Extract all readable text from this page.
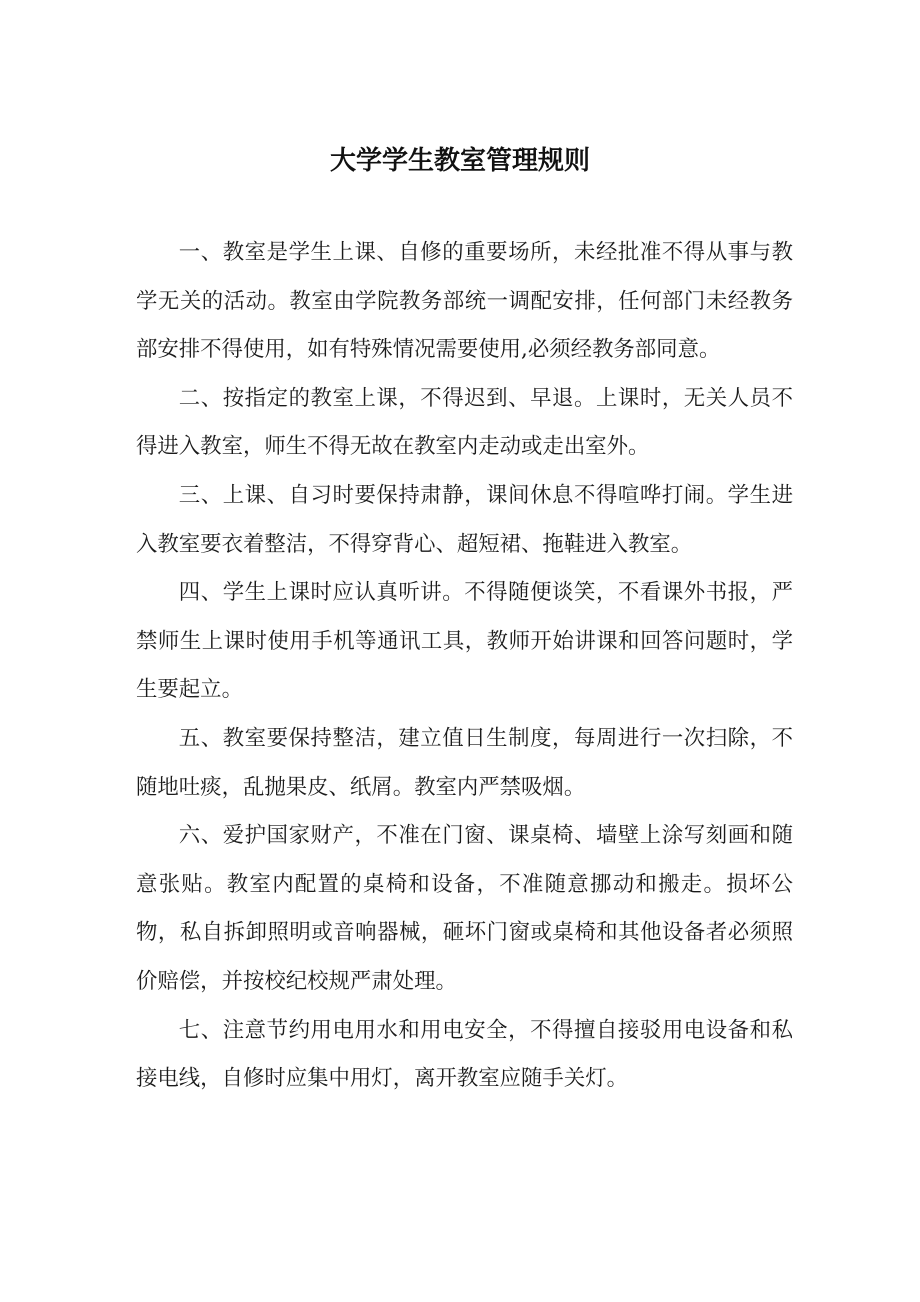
大学学生教室管理规则

一、教室是学生上课、自修的重要场所，未经批准不得从事与教学无关的活动。教室由学院教务部统一调配安排，任何部门未经教务部安排不得使用，如有特殊情况需要使用,必须经教务部同意。

二、按指定的教室上课，不得迟到、早退。上课时，无关人员不得进入教室，师生不得无故在教室内走动或走出室外。

三、上课、自习时要保持肃静，课间休息不得喧哗打闹。学生进入教室要衣着整洁，不得穿背心、超短裙、拖鞋进入教室。

四、学生上课时应认真听讲。不得随便谈笑，不看课外书报，严禁师生上课时使用手机等通讯工具，教师开始讲课和回答问题时，学生要起立。

五、教室要保持整洁，建立值日生制度，每周进行一次扫除，不随地吐痰，乱抛果皮、纸屑。教室内严禁吸烟。

六、爱护国家财产，不准在门窗、课桌椅、墙壁上涂写刻画和随意张贴。教室内配置的桌椅和设备，不准随意挪动和搬走。损坏公物，私自拆卸照明或音响器械，砸坏门窗或桌椅和其他设备者必须照价赔偿，并按校纪校规严肃处理。

七、注意节约用电用水和用电安全，不得擅自接驳用电设备和私接电线，自修时应集中用灯，离开教室应随手关灯。
